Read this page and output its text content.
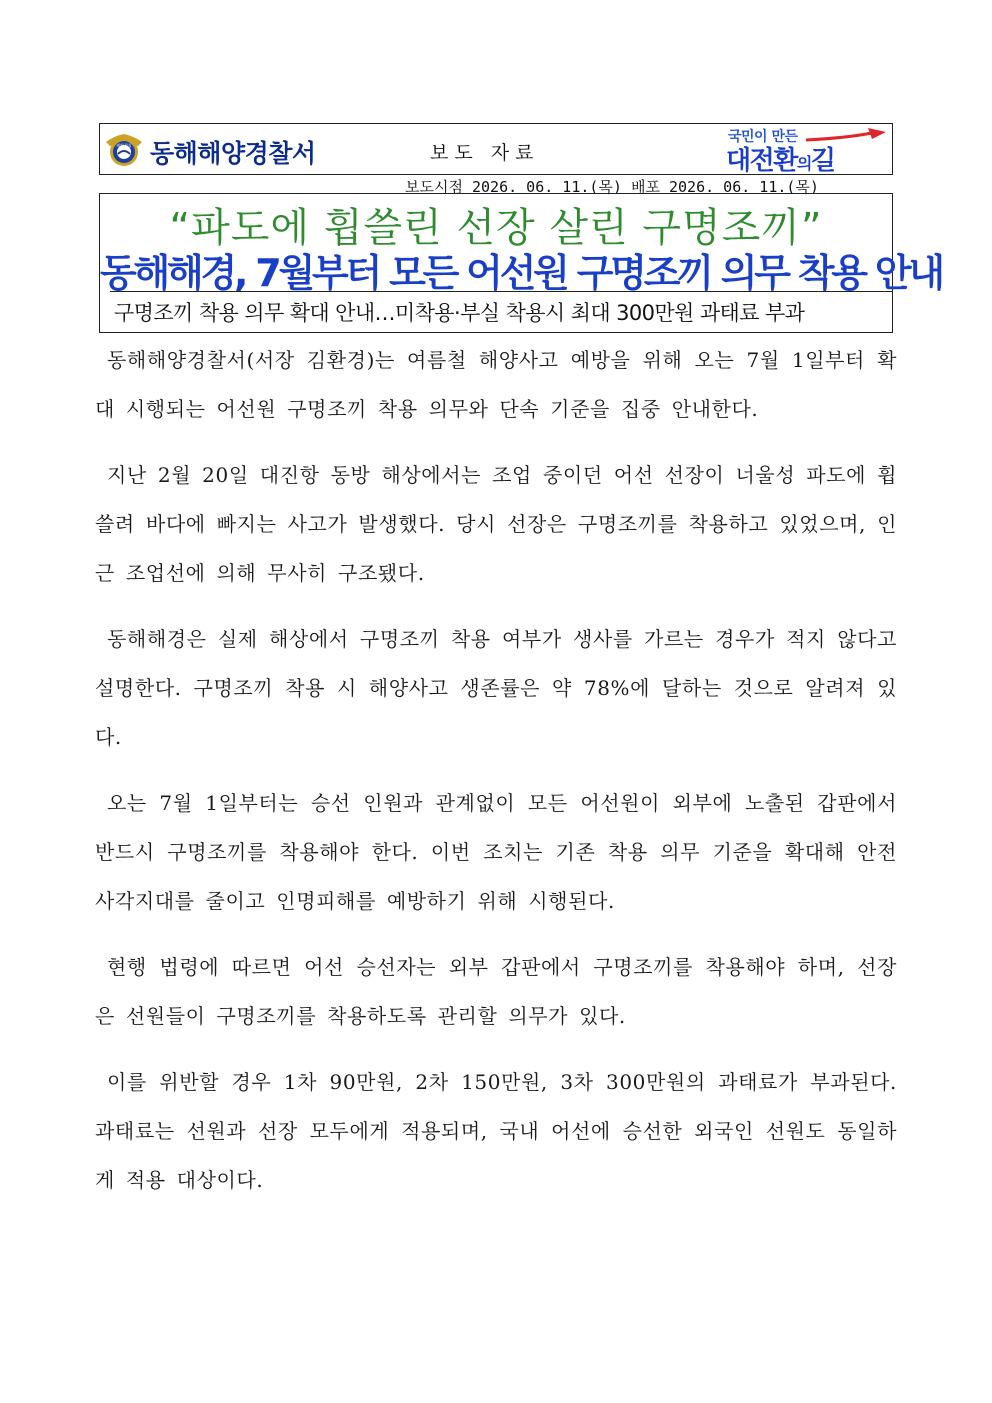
해양경찰 동해해양경찰서	보도 자료
국민이 만든
대전환의길
보도시점 2026. 06. 11.(목) 배포 2026. 06. 11.(목)
“파도에 휩쓸린 선장 살린 구명조끼”
동해해경, 7월부터 모든 어선원 구명조끼 의무 착용 안내
구명조끼 착용 의무 확대 안내…미착용·부실 착용시 최대 300만원 과태료 부과

동해해양경찰서(서장 김환경)는 여름철 해양사고 예방을 위해 오는 7월 1일부터 확대 시행되는 어선원 구명조끼 착용 의무와 단속 기준을 집중 안내한다.

지난 2월 20일 대진항 동방 해상에서는 조업 중이던 어선 선장이 너울성 파도에 휩쓸려 바다에 빠지는 사고가 발생했다. 당시 선장은 구명조끼를 착용하고 있었으며, 인근 조업선에 의해 무사히 구조됐다.

동해해경은 실제 해상에서 구명조끼 착용 여부가 생사를 가르는 경우가 적지 않다고 설명한다. 구명조끼 착용 시 해양사고 생존률은 약 78%에 달하는 것으로 알려져 있다.

오는 7월 1일부터는 승선 인원과 관계없이 모든 어선원이 외부에 노출된 갑판에서 반드시 구명조끼를 착용해야 한다. 이번 조치는 기존 착용 의무 기준을 확대해 안전 사각지대를 줄이고 인명피해를 예방하기 위해 시행된다.

현행 법령에 따르면 어선 승선자는 외부 갑판에서 구명조끼를 착용해야 하며, 선장은 선원들이 구명조끼를 착용하도록 관리할 의무가 있다.

이를 위반할 경우 1차 90만원, 2차 150만원, 3차 300만원의 과태료가 부과된다. 과태료는 선원과 선장 모두에게 적용되며, 국내 어선에 승선한 외국인 선원도 동일하게 적용 대상이다.
